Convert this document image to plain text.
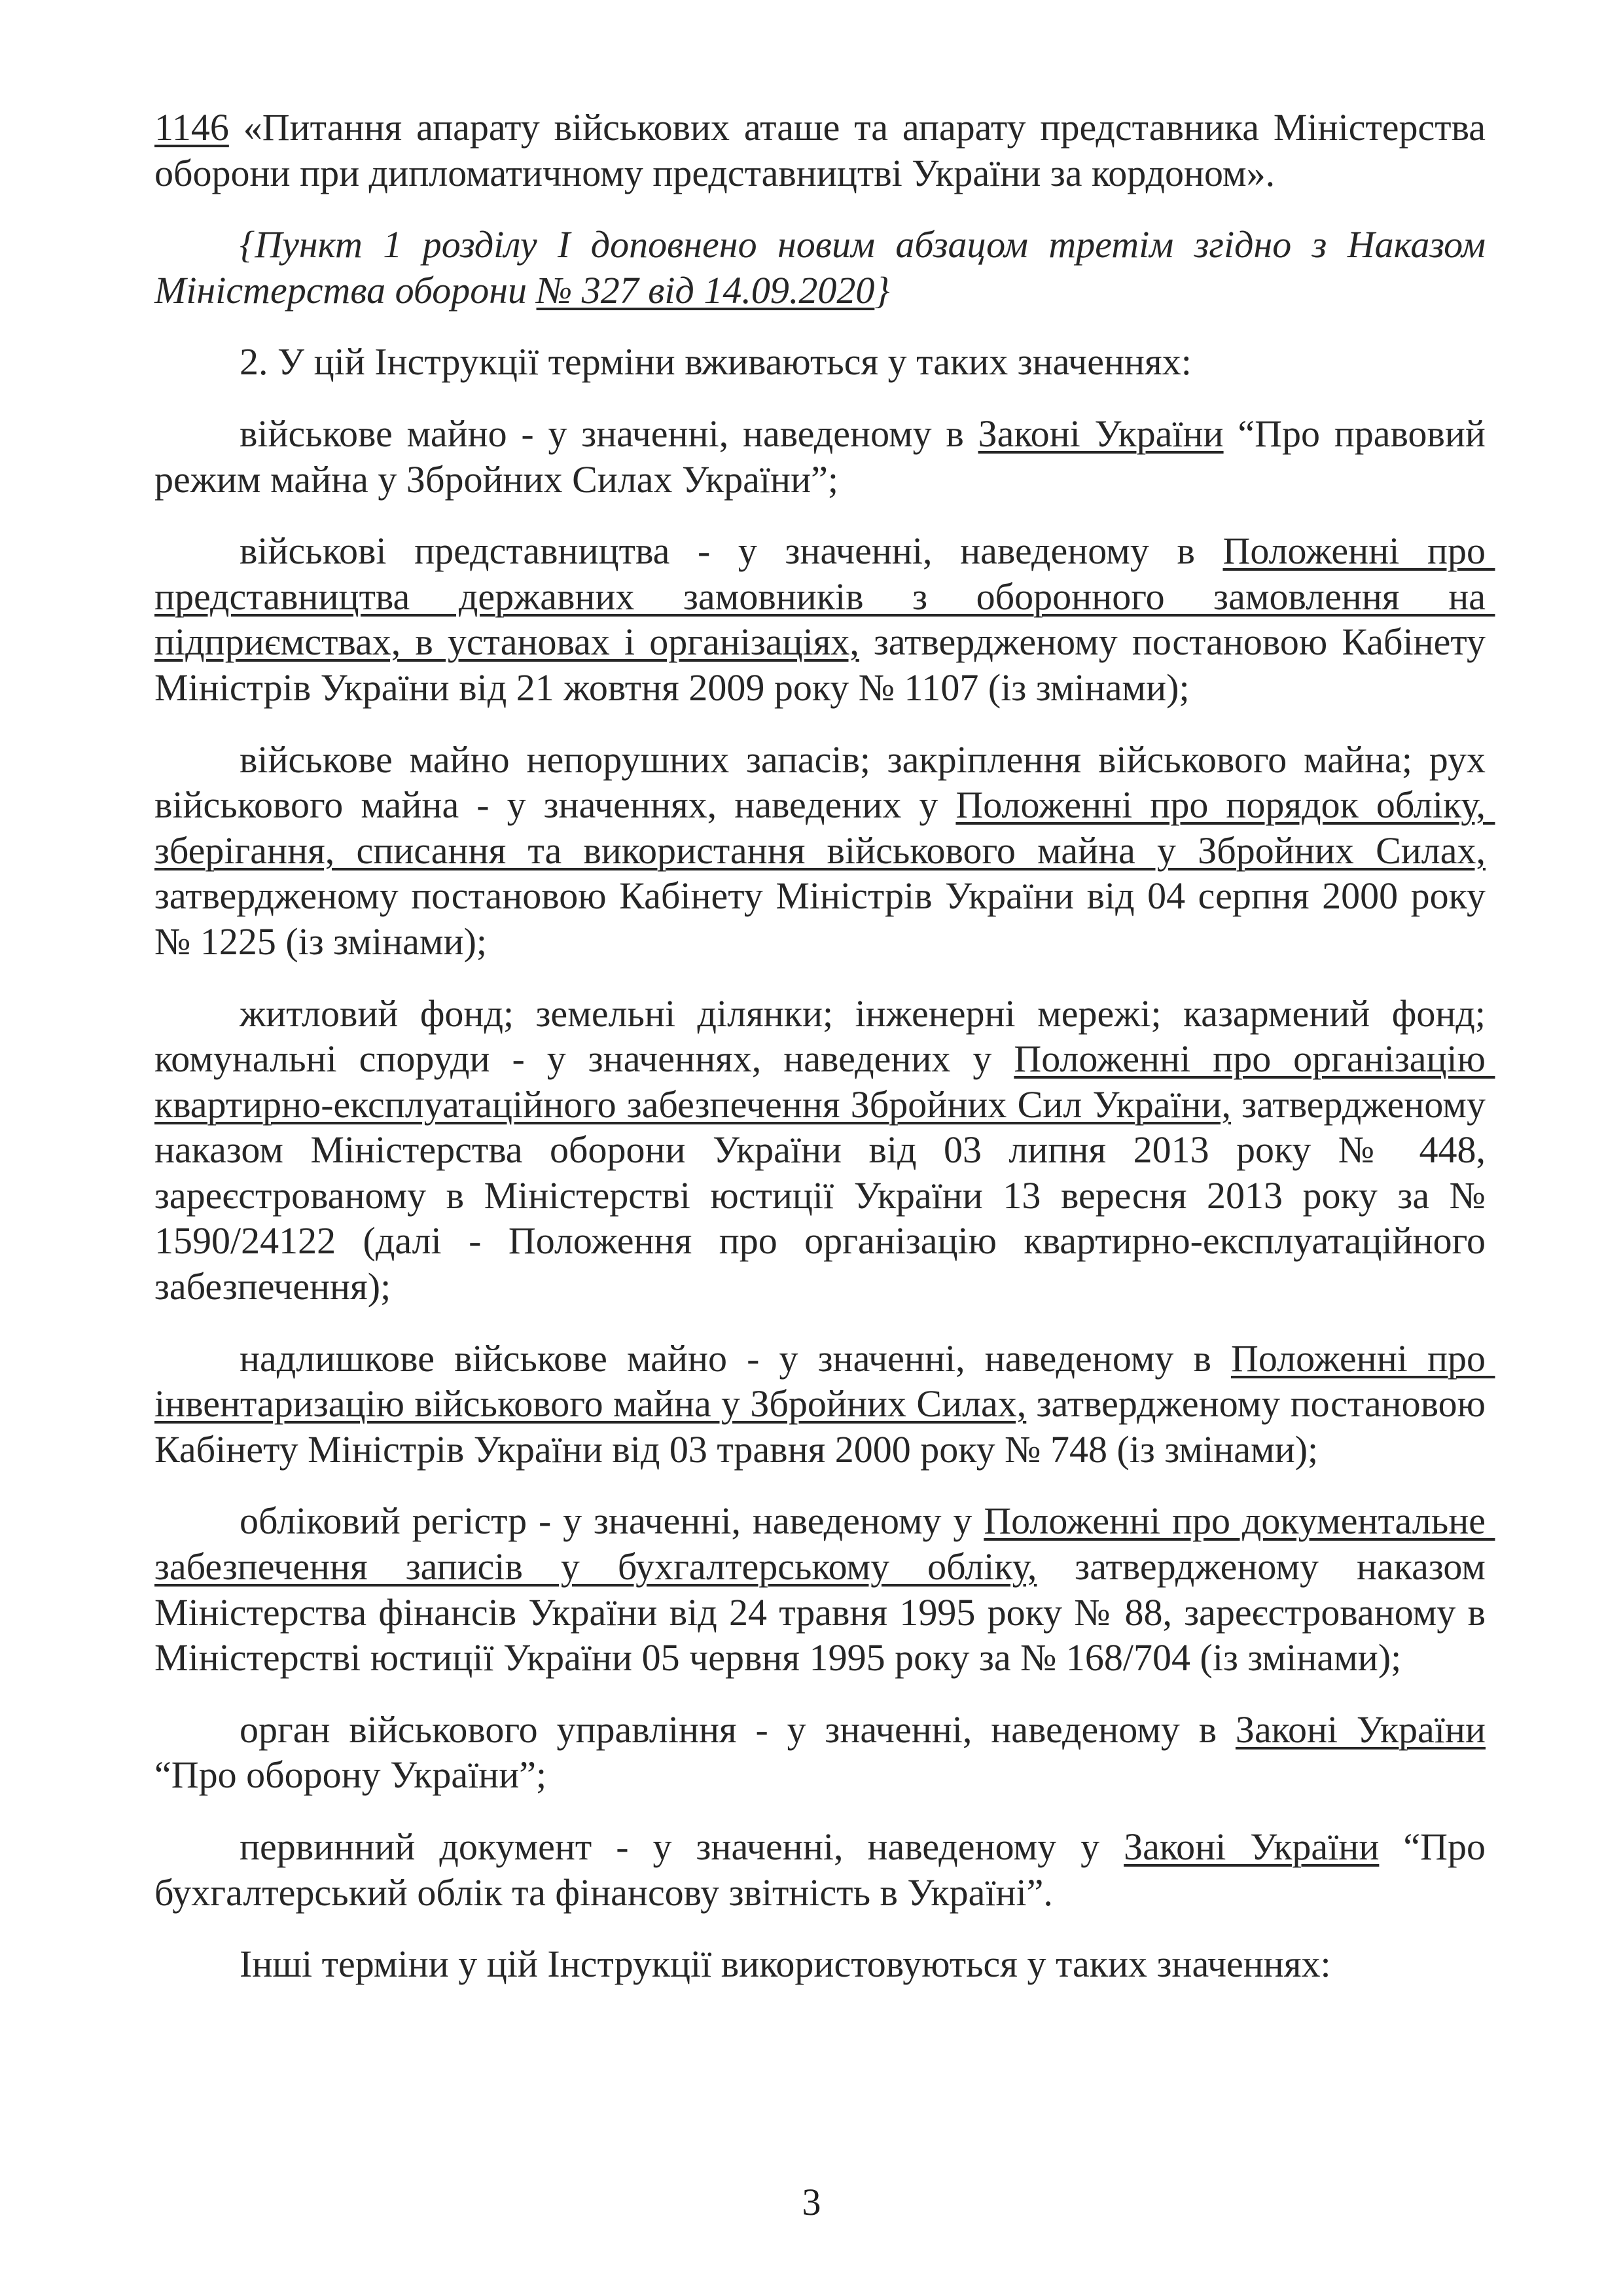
1146 «Питання апарату військових аташе та апарату представника Міністерства оборони при дипломатичному представництві України за кордоном».

{Пункт 1 розділу I доповнено новим абзацом третім згідно з Наказом Міністерства оборони № 327 від 14.09.2020}

2. У цій Інструкції терміни вживаються у таких значеннях:

військове майно - у значенні, наведеному в Законі України “Про правовий режим майна у Збройних Силах України”;

військові представництва - у значенні, наведеному в Положенні про представництва державних замовників з оборонного замовлення на підприємствах, в установах і організаціях, затвердженому постановою Кабінету Міністрів України від 21 жовтня 2009 року № 1107 (із змінами);

військове майно непорушних запасів; закріплення військового майна; рух військового майна - у значеннях, наведених у Положенні про порядок обліку, зберігання, списання та використання військового майна у Збройних Силах, затвердженому постановою Кабінету Міністрів України від 04 серпня 2000 року № 1225 (із змінами);

житловий фонд; земельні ділянки; інженерні мережі; казармений фонд; комунальні споруди - у значеннях, наведених у Положенні про організацію квартирно-експлуатаційного забезпечення Збройних Сил України, затвердженому наказом Міністерства оборони України від 03 липня 2013 року № 448, зареєстрованому в Міністерстві юстиції України 13 вересня 2013 року за № 1590/24122 (далі - Положення про організацію квартирно-експлуатаційного забезпечення);

надлишкове військове майно - у значенні, наведеному в Положенні про інвентаризацію військового майна у Збройних Силах, затвердженому постановою Кабінету Міністрів України від 03 травня 2000 року № 748 (із змінами);

обліковий регістр - у значенні, наведеному у Положенні про документальне забезпечення записів у бухгалтерському обліку, затвердженому наказом Міністерства фінансів України від 24 травня 1995 року № 88, зареєстрованому в Міністерстві юстиції України 05 червня 1995 року за № 168/704 (із змінами);

орган військового управління - у значенні, наведеному в Законі України “Про оборону України”;

первинний документ - у значенні, наведеному у Законі України “Про бухгалтерський облік та фінансову звітність в Україні”.

Інші терміни у цій Інструкції використовуються у таких значеннях:

3
